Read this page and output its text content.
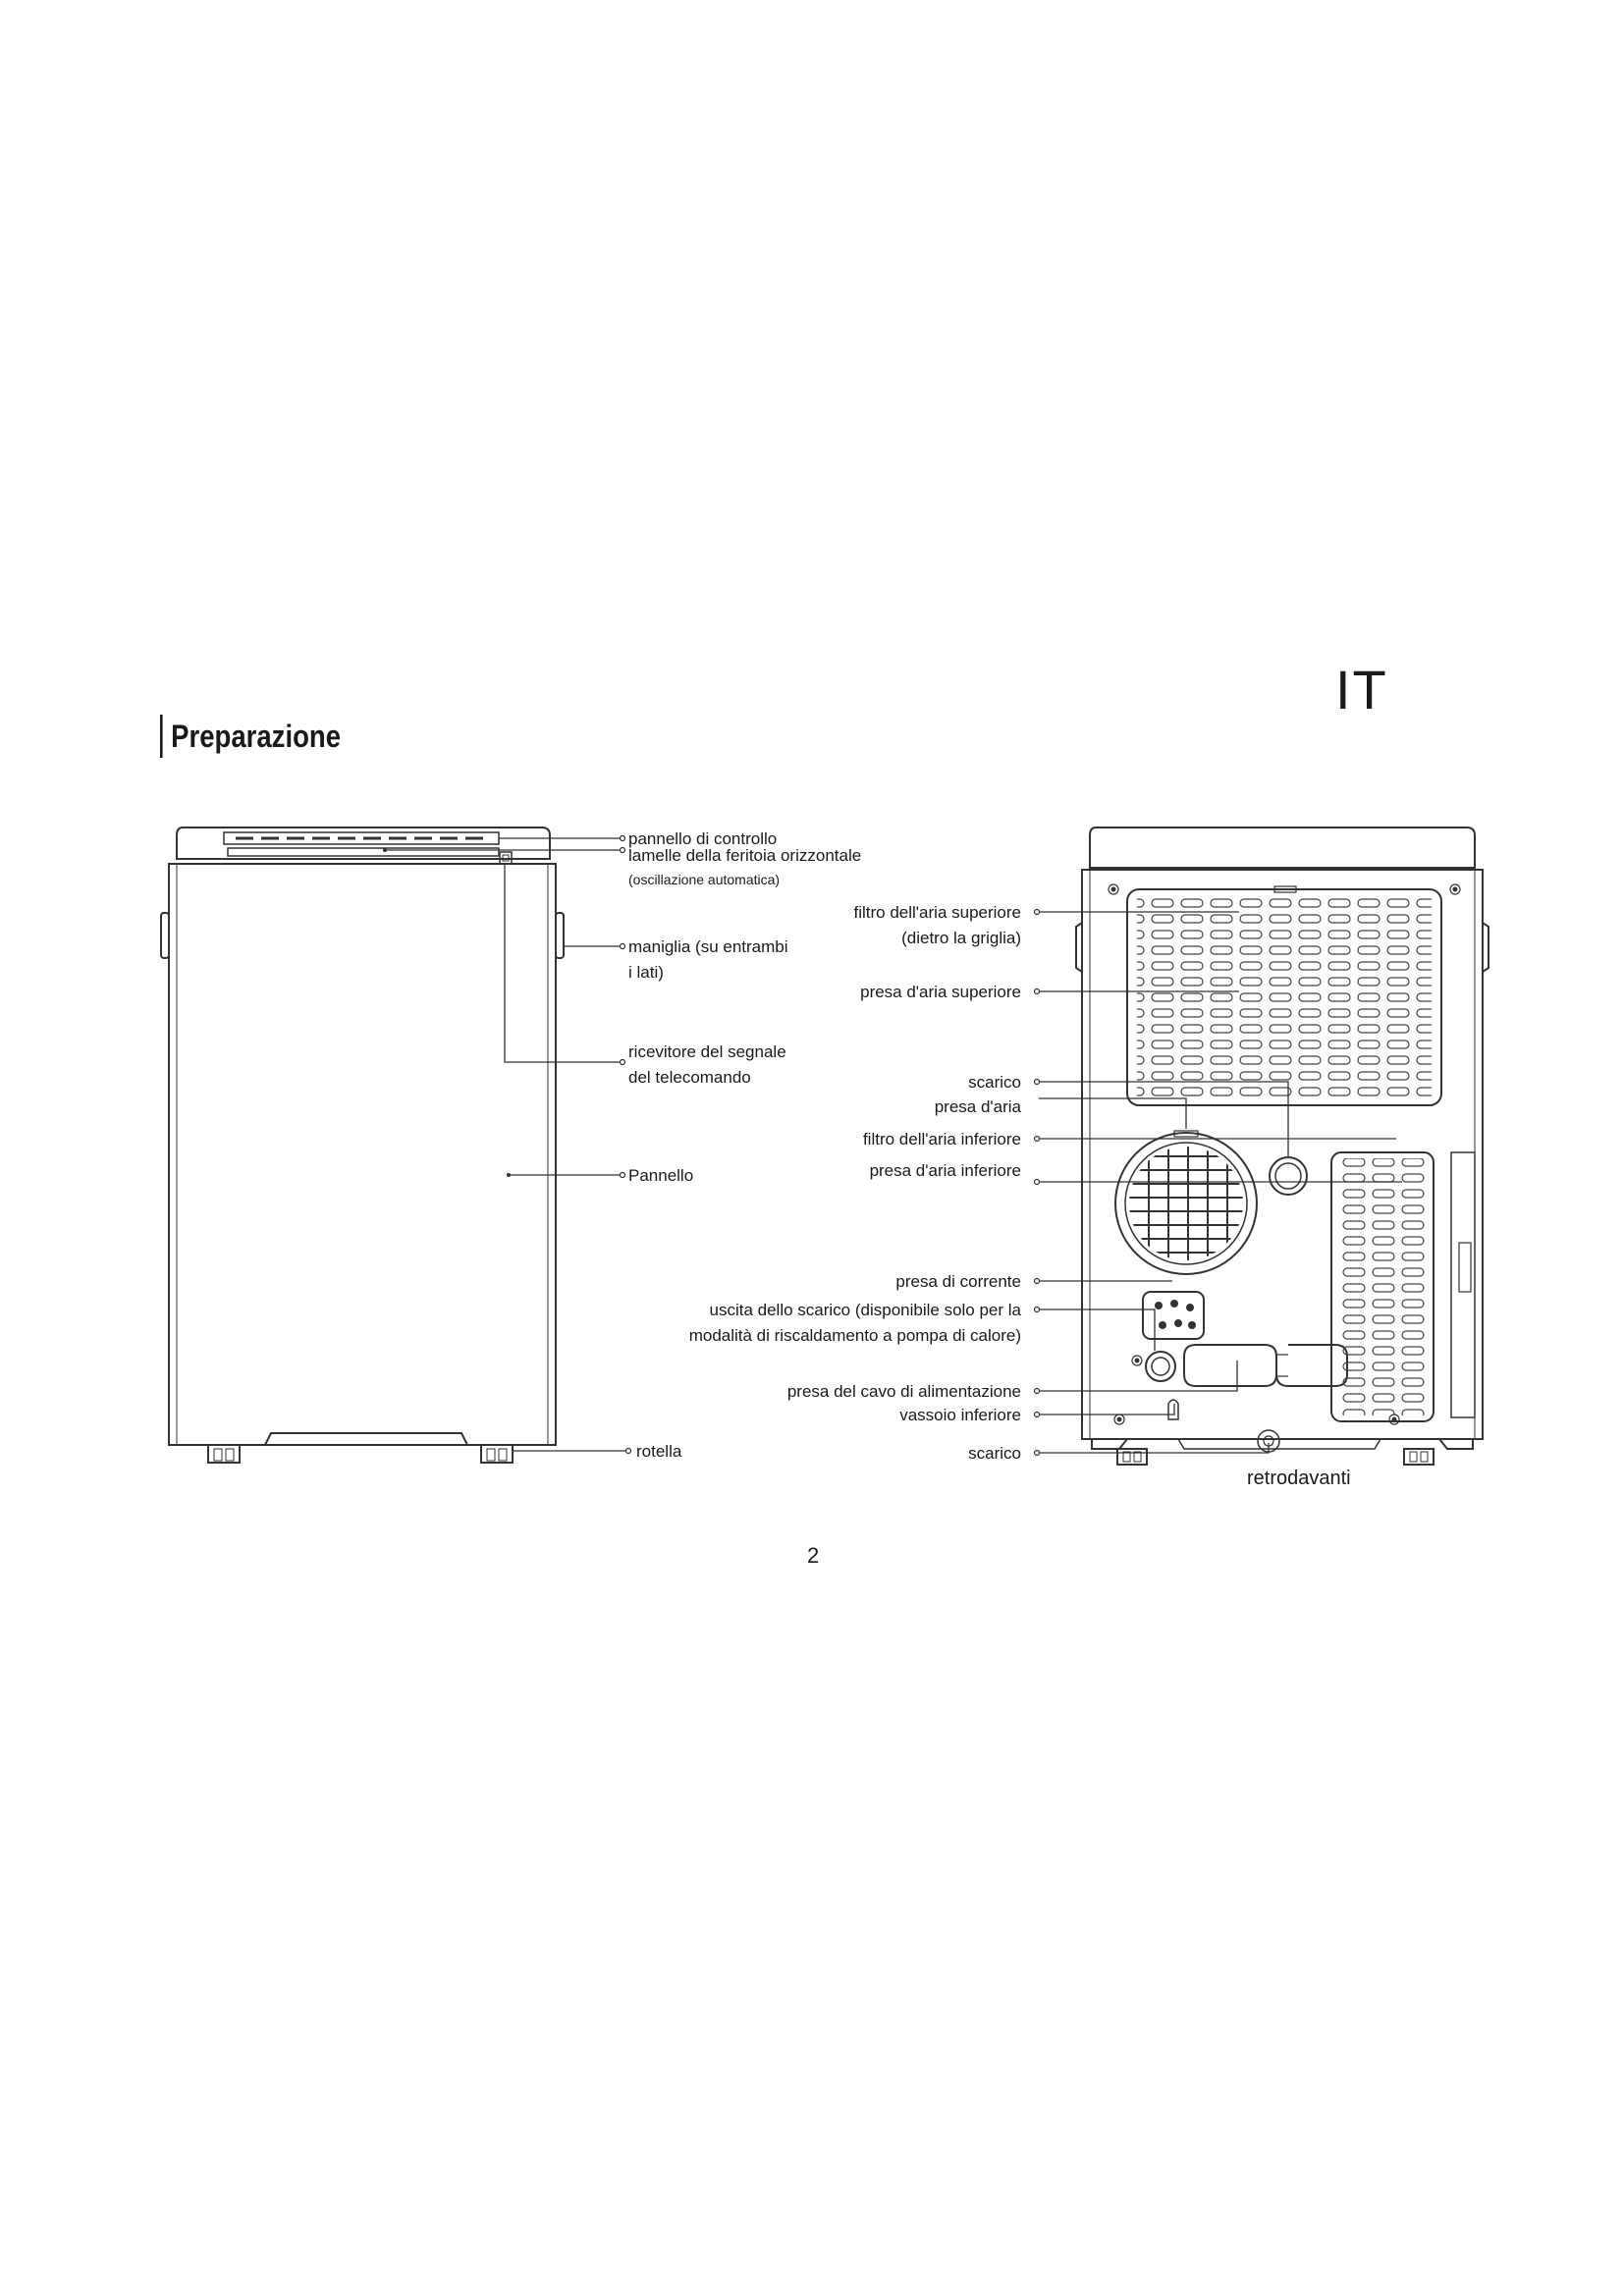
IT
Preparazione
pannello di controllo
lamelle della feritoia orizzontale
(oscillazione automatica)
maniglia (su entrambi
i lati)
ricevitore del segnale
del telecomando
Pannello
rotella
filtro dell'aria superiore
(dietro la griglia)
presa d'aria superiore
scarico
presa d'aria
filtro dell'aria inferiore
presa d'aria inferiore
presa di corrente
uscita dello scarico (disponibile solo per la
modalità di riscaldamento a pompa di calore)
presa del cavo di alimentazione
vassoio inferiore
scarico
retrodavanti
2
